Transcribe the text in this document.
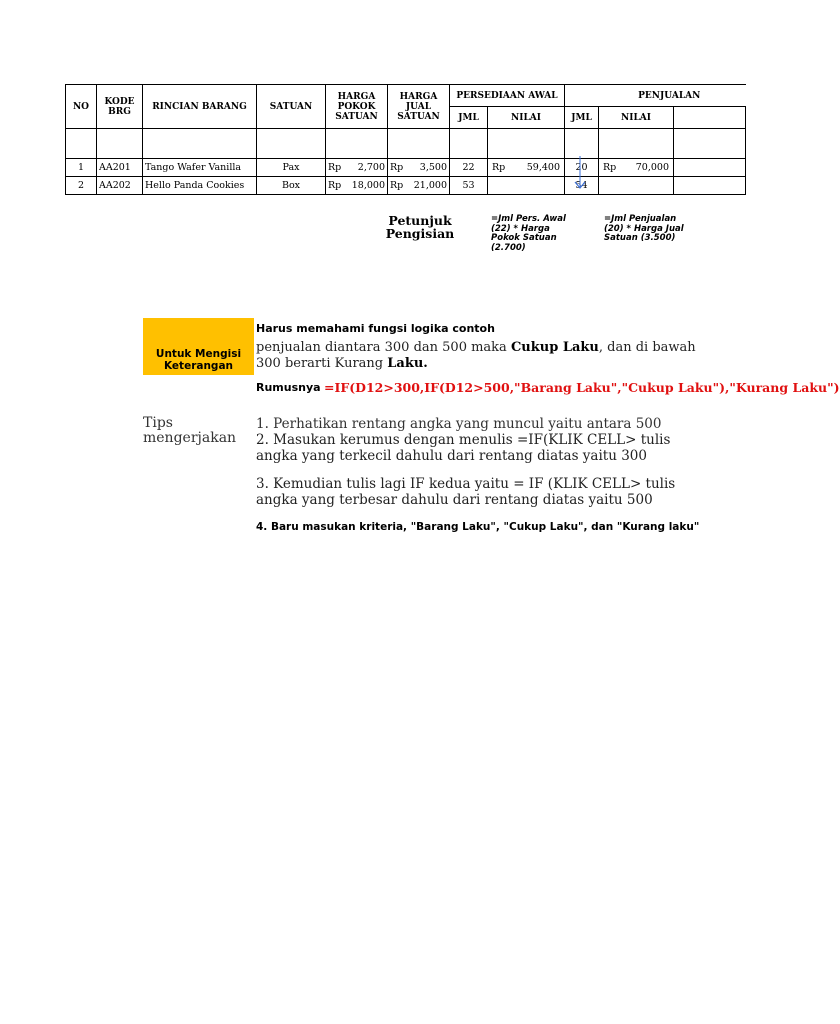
NO	KODE BRG	RINCIAN BARANG	SATUAN	HARGA POKOK SATUAN	HARGA JUAL SATUAN	PERSEDIAAN AWAL		PENJUALAN		
						JML	NILAI	JML	NILAI	

1	AA201	Tango Wafer Vanilla	Pax	Rp 2,700	Rp 3,500	22	Rp 59,400	20	Rp 70,000	

2	AA202	Hello Panda Cookies	Box	Rp 18,000	Rp 21,000	53		54		
Petunjuk Pengisian
=Jml Pers. Awal (22) * Harga Pokok Satuan (2.700)
=Jml Penjualan (20) * Harga Jual Satuan (3.500)
Untuk Mengisi Keterangan
Harus memahami fungsi logika contoh
penjualan diantara 300 dan 500 maka Cukup Laku, dan di bawah
300 berarti Kurang Laku.
Rumusnya =IF(D12>300,IF(D12>500,"Barang Laku","Cukup Laku"),"Kurang Laku")
Tips mengerjakan
1. Perhatikan rentang angka yang muncul yaitu antara 500
2. Masukan kerumus dengan menulis =IF(KLIK CELL> tulis angka yang terkecil dahulu dari rentang diatas yaitu 300
3. Kemudian tulis lagi IF kedua yaitu = IF (KLIK CELL> tulis angka yang terbesar dahulu dari rentang diatas yaitu 500
4. Baru masukan kriteria, "Barang Laku", "Cukup Laku", dan "Kurang laku"
